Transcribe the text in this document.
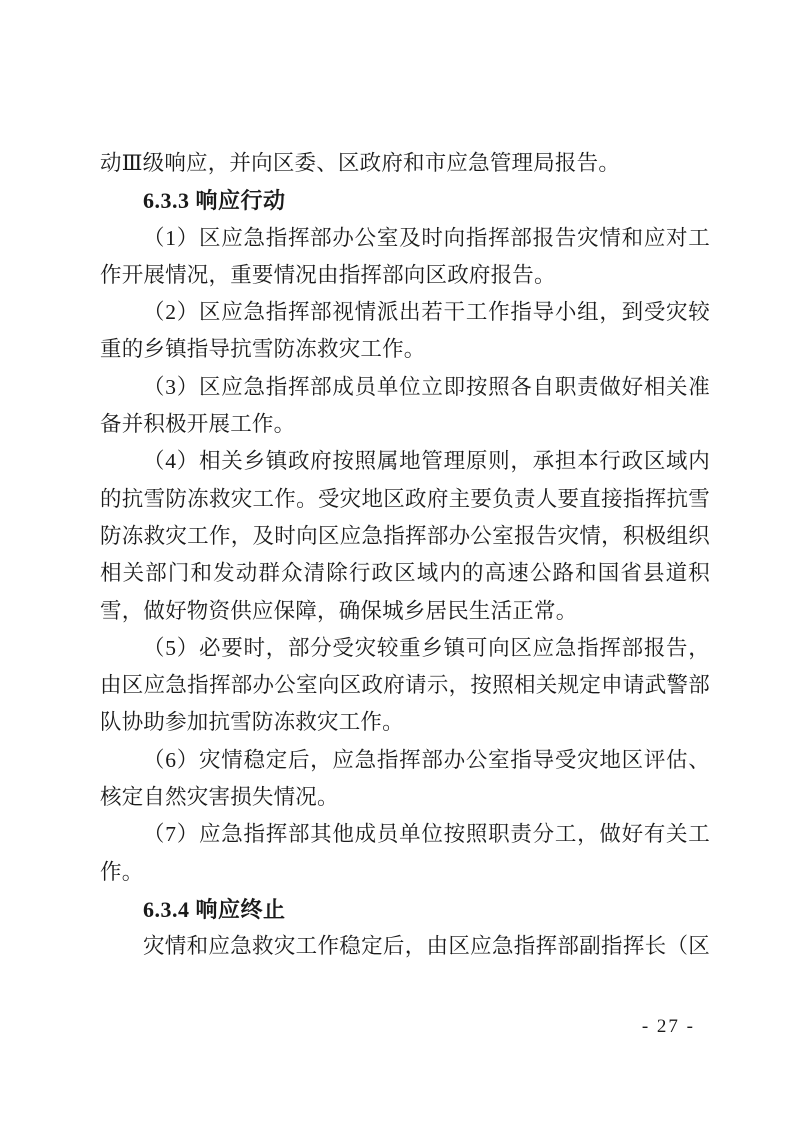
动Ⅲ级响应，并向区委、区政府和市应急管理局报告。
6.3.3 响应行动
（1）区应急指挥部办公室及时向指挥部报告灾情和应对工
作开展情况，重要情况由指挥部向区政府报告。
（2）区应急指挥部视情派出若干工作指导小组，到受灾较
重的乡镇指导抗雪防冻救灾工作。
（3）区应急指挥部成员单位立即按照各自职责做好相关准
备并积极开展工作。
（4）相关乡镇政府按照属地管理原则，承担本行政区域内
的抗雪防冻救灾工作。受灾地区政府主要负责人要直接指挥抗雪
防冻救灾工作，及时向区应急指挥部办公室报告灾情，积极组织
相关部门和发动群众清除行政区域内的高速公路和国省县道积
雪，做好物资供应保障，确保城乡居民生活正常。
（5）必要时，部分受灾较重乡镇可向区应急指挥部报告，
由区应急指挥部办公室向区政府请示，按照相关规定申请武警部
队协助参加抗雪防冻救灾工作。
（6）灾情稳定后，应急指挥部办公室指导受灾地区评估、
核定自然灾害损失情况。
（7）应急指挥部其他成员单位按照职责分工，做好有关工
作。
6.3.4 响应终止
灾情和应急救灾工作稳定后，由区应急指挥部副指挥长（区
- 27 -
